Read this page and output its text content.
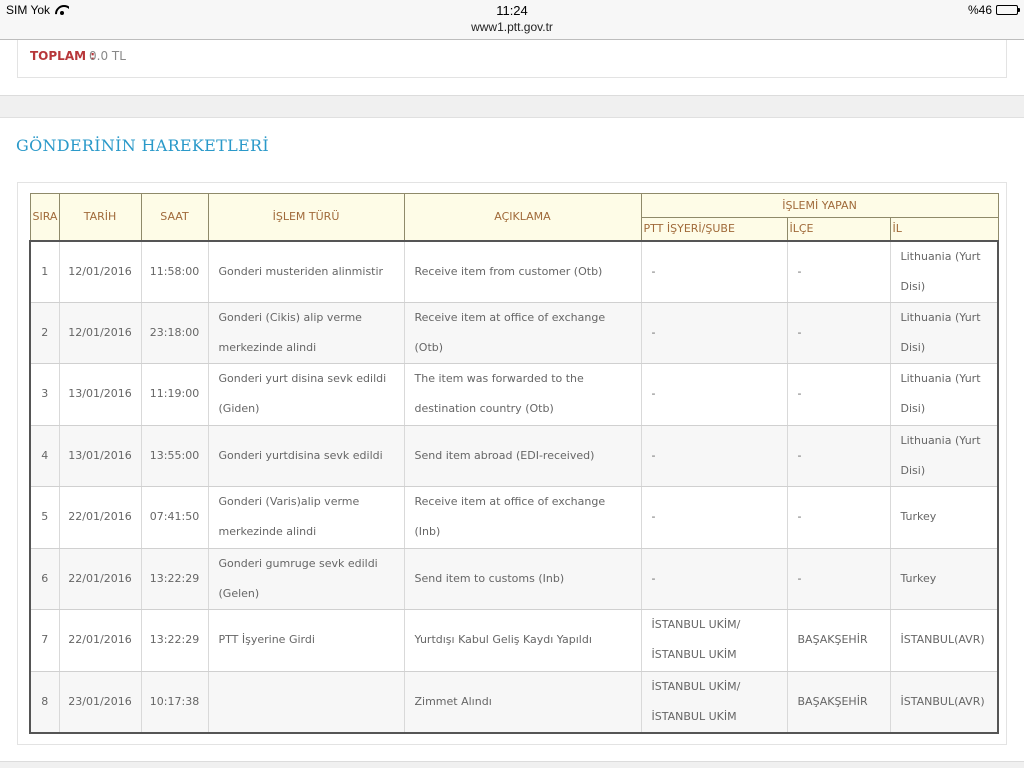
SIM Yok	11:24
www1.ptt.gov.tr
%46
TOPLAM :
0.0 TL
GÖNDERİNİN HAREKETLERİ
SIRA	TARİH	SAAT	İŞLEM TÜRÜ	AÇIKLAMA	İŞLEMİ YAPAN		
					PTT İŞYERİ/ŞUBE	İLÇE	İL
1	12/01/2016	11:58:00	Gonderi musteriden alinmistir	Receive item from customer (Otb)	-	-	Lithuania (Yurt Disi)
2	12/01/2016	23:18:00	Gonderi (Cikis) alip verme merkezinde alindi	Receive item at office of exchange (Otb)	-	-	Lithuania (Yurt Disi)
3	13/01/2016	11:19:00	Gonderi yurt disina sevk edildi (Giden)	The item was forwarded to the destination country (Otb)	-	-	Lithuania (Yurt Disi)
4	13/01/2016	13:55:00	Gonderi yurtdisina sevk edildi	Send item abroad (EDI-received)	-	-	Lithuania (Yurt Disi)
5	22/01/2016	07:41:50	Gonderi (Varis)alip verme merkezinde alindi	Receive item at office of exchange (Inb)	-	-	Turkey
6	22/01/2016	13:22:29	Gonderi gumruge sevk edildi (Gelen)	Send item to customs (Inb)	-	-	Turkey
7	22/01/2016	13:22:29	PTT İşyerine Girdi	Yurtdışı Kabul Geliş Kaydı Yapıldı	İSTANBUL UKİM/ İSTANBUL UKİM	BAŞAKŞEHİR	İSTANBUL(AVR)
8	23/01/2016	10:17:38		Zimmet Alındı	İSTANBUL UKİM/ İSTANBUL UKİM	BAŞAKŞEHİR	İSTANBUL(AVR)
